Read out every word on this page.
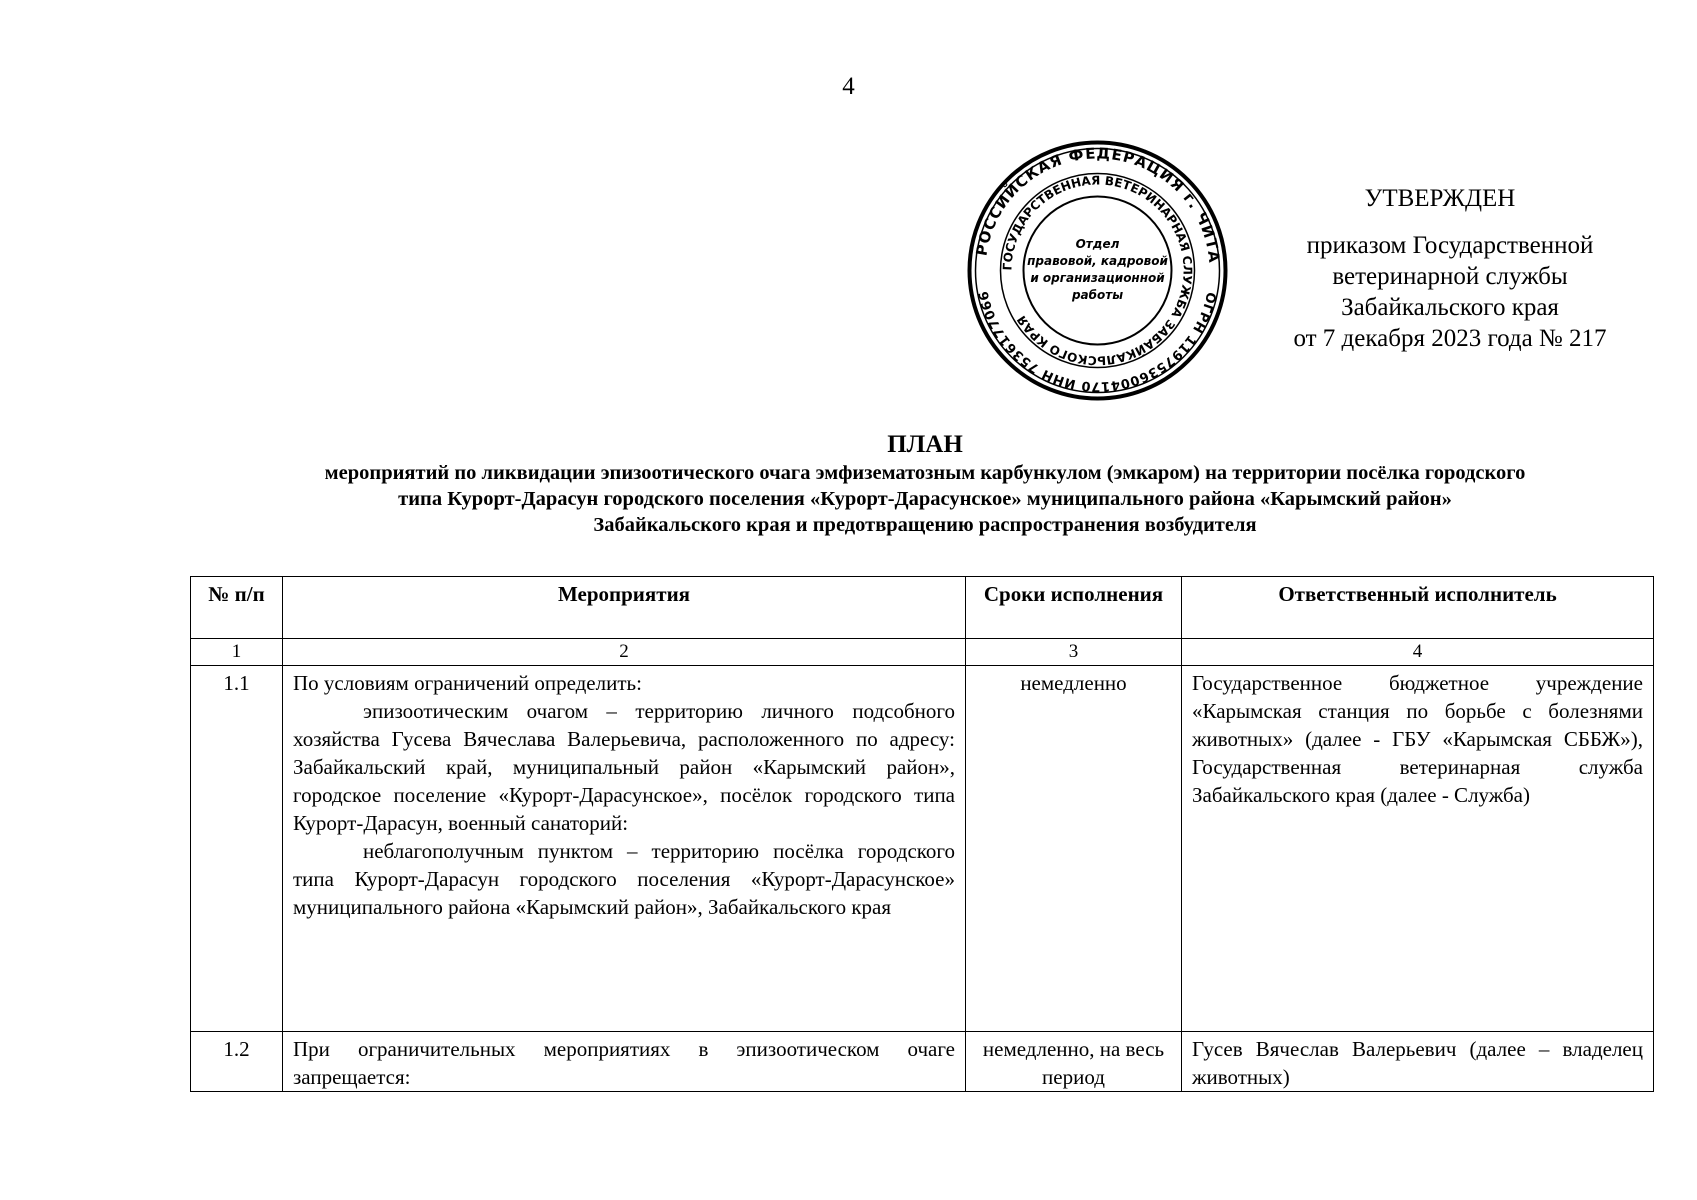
4
РОССИЙСКАЯ ФЕДЕРАЦИЯ г. ЧИТА
ОГРН 1197536004170 ИНН 7536177066
ГОСУДАРСТВЕННАЯ ВЕТЕРИНАРНАЯ СЛУЖБА ЗАБАЙКАЛЬСКОГО КРАЯ
Отдел
правовой, кадровой
и организационной
работы
УТВЕРЖДЕН
приказом Государственной
ветеринарной службы
Забайкальского края
от 7 декабря 2023 года № 217
ПЛАН
мероприятий по ликвидации эпизоотического очага эмфизематозным карбункулом (эмкаром) на территории посёлка городского
типа Курорт-Дарасун городского поселения «Курорт-Дарасунское» муниципального района «Карымский район»
Забайкальского края и предотвращению распространения возбудителя
№ п/п	Мероприятия	Сроки исполнения	Ответственный исполнитель
1	2	3	4
1.1	По условиям ограничений определить:
эпизоотическим очагом – территорию личного подсобного хозяйства Гусева Вячеслава Валерьевича, расположенного по адресу: Забайкальский край, муниципальный район «Карымский район», городское поселение «Курорт-Дарасунское», посёлок городского типа Курорт-Дарасун, военный санаторий:
неблагополучным пунктом – территорию посёлка городского типа Курорт-Дарасун городского поселения «Курорт-Дарасунское» муниципального района «Карымский район», Забайкальского края	немедленно	Государственное бюджетное учреждение «Карымская станция по борьбе с болезнями животных» (далее - ГБУ «Карымская СББЖ»), Государственная ветеринарная служба Забайкальского края (далее - Служба)
1.2	При ограничительных мероприятиях в эпизоотическом очаге запрещается:	немедленно, на весь период	Гусев Вячеслав Валерьевич (далее – владелец животных)
